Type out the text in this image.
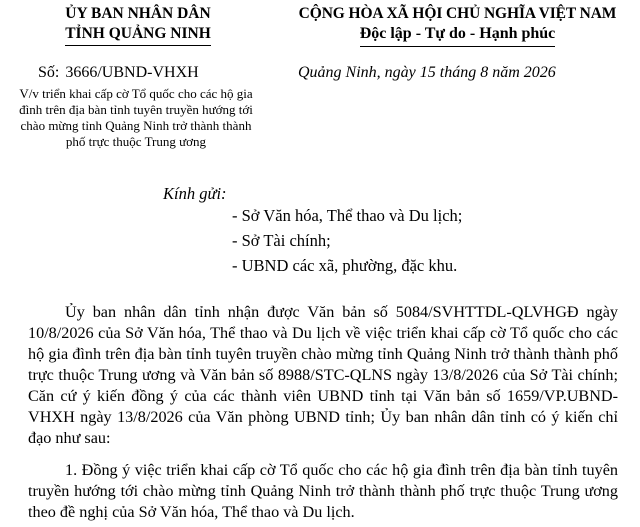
ỦY BAN NHÂN DÂN
TỈNH QUẢNG NINH
CỘNG HÒA XÃ HỘI CHỦ NGHĨA VIỆT NAM
Độc lập - Tự do - Hạnh phúc
Số: 3666/UBND-VHXH	Quảng Ninh, ngày 15 tháng 8 năm 2026
V/v triển khai cấp cờ Tổ quốc cho các hộ gia đình trên địa bàn tỉnh tuyên truyền hướng tới chào mừng tỉnh Quảng Ninh trở thành thành phố trực thuộc Trung ương
Kính gửi:
- Sở Văn hóa, Thể thao và Du lịch;
- Sở Tài chính;
- UBND các xã, phường, đặc khu.

Ủy ban nhân dân tỉnh nhận được Văn bản số 5084/SVHTTDL-QLVHGĐ ngày 10/8/2026 của Sở Văn hóa, Thể thao và Du lịch về việc triển khai cấp cờ Tổ quốc cho các hộ gia đình trên địa bàn tỉnh tuyên truyền chào mừng tỉnh Quảng Ninh trở thành thành phố trực thuộc Trung ương và Văn bản số 8988/STC-QLNS ngày 13/8/2026 của Sở Tài chính; Căn cứ ý kiến đồng ý của các thành viên UBND tỉnh tại Văn bản số 1659/VP.UBND-VHXH ngày 13/8/2026 của Văn phòng UBND tỉnh; Ủy ban nhân dân tỉnh có ý kiến chỉ đạo như sau:

1. Đồng ý việc triển khai cấp cờ Tổ quốc cho các hộ gia đình trên địa bàn tỉnh tuyên truyền hướng tới chào mừng tỉnh Quảng Ninh trở thành thành phố trực thuộc Trung ương theo đề nghị của Sở Văn hóa, Thể thao và Du lịch.
